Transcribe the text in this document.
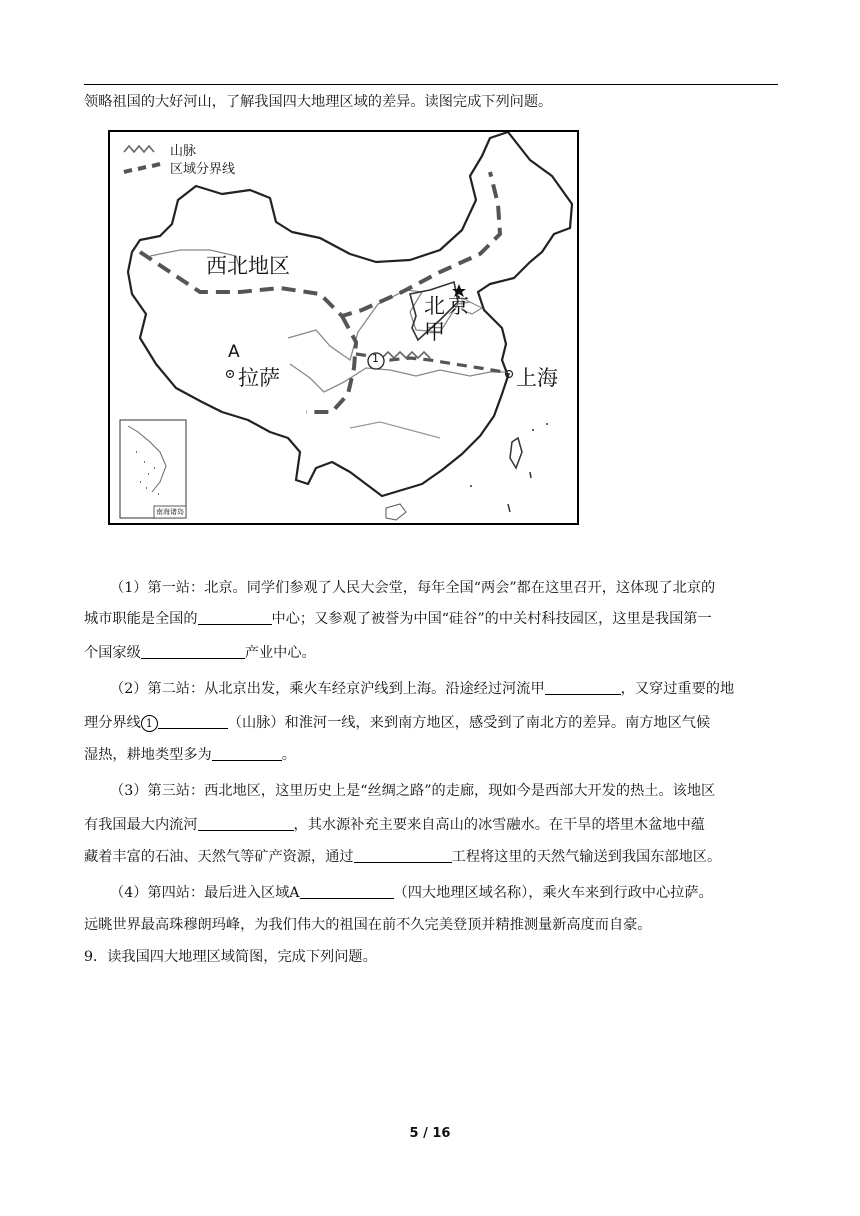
领略祖国的大好河山，了解我国四大地理区域的差异。读图完成下列问题。
山脉
区域分界线
西北地区
北 京
甲
A
拉萨	上海
1
南海诸岛
（1）第一站：北京。同学们参观了人民大会堂，每年全国“两会”都在这里召开，这体现了北京的
城市职能是全国的	中心；又参观了被誉为中国“硅谷”的中关村科技园区，这里是我国第一
个国家级	产业中心。
（2）第二站：从北京出发，乘火车经京沪线到上海。沿途经过河流甲	，又穿过重要的地
理分界线 1	（山脉）和淮河一线，来到南方地区，感受到了南北方的差异。南方地区气候
湿热，耕地类型多为	。
（3）第三站：西北地区，这里历史上是“丝绸之路”的走廊，现如今是西部大开发的热土。该地区
有我国最大内流河	，其水源补充主要来自高山的冰雪融水。在干旱的塔里木盆地中蕴
藏着丰富的石油、天然气等矿产资源，通过	工程将这里的天然气输送到我国东部地区。
（4）第四站：最后进入区域A	（四大地理区域名称），乘火车来到行政中心拉萨。
远眺世界最高珠穆朗玛峰，为我们伟大的祖国在前不久完美登顶并精推测量新高度而自豪。
9．读我国四大地理区域简图，完成下列问题。
5 / 16
